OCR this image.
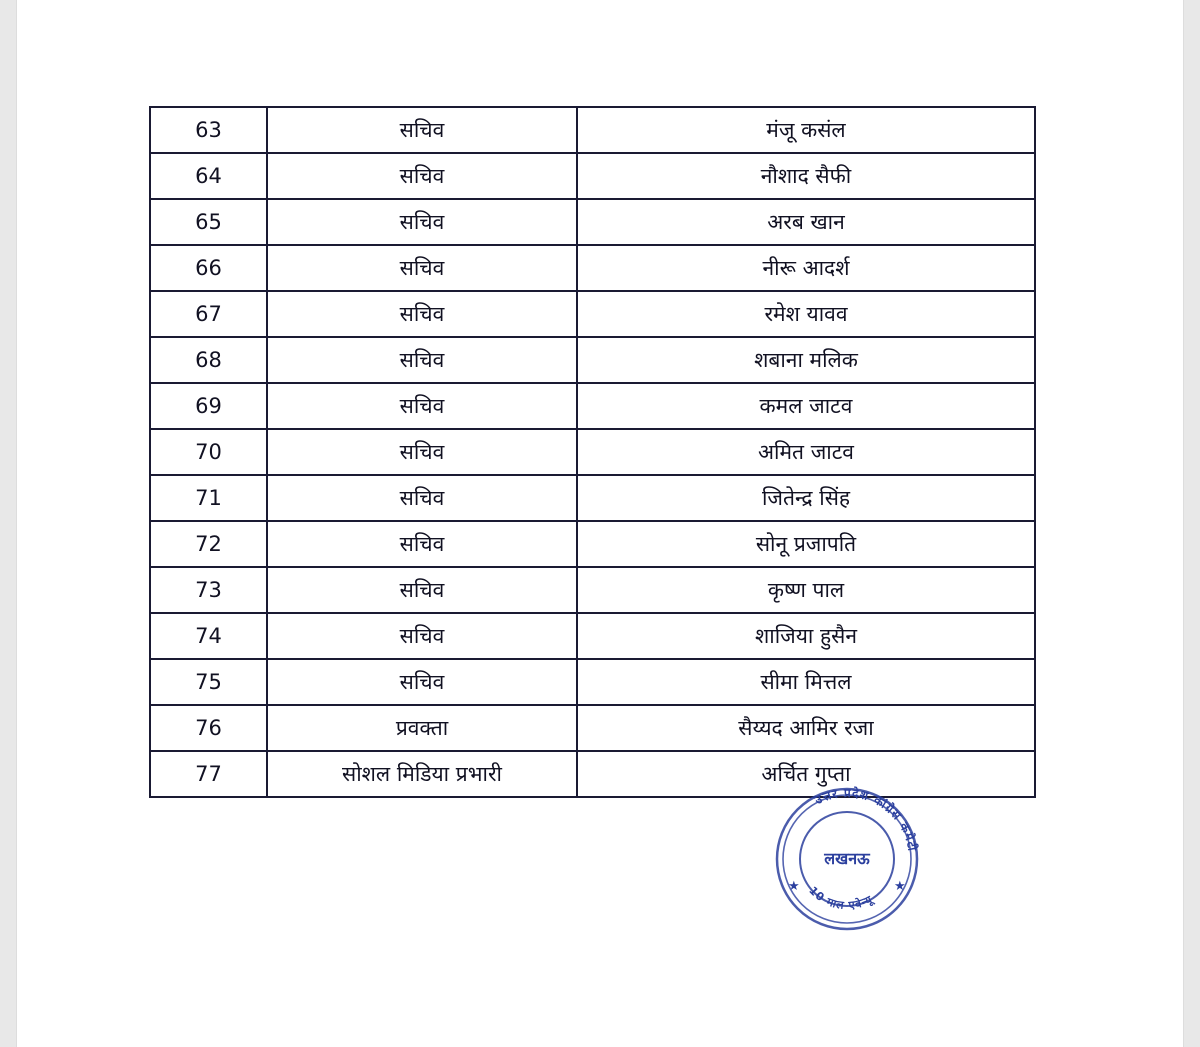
63	सचिव	मंजू कसंल
64	सचिव	नौशाद सैफी
65	सचिव	अरब खान
66	सचिव	नीरू आदर्श
67	सचिव	रमेश यावव
68	सचिव	शबाना मलिक
69	सचिव	कमल जाटव
70	सचिव	अमित जाटव
71	सचिव	जितेन्द्र सिंह
72	सचिव	सोनू प्रजापति
73	सचिव	कृष्ण पाल
74	सचिव	शाजिया हुसैन
75	सचिव	सीमा मित्तल
76	प्रवक्ता	सैय्यद आमिर रजा
77	सोशल मिडिया प्रभारी	अर्चित गुप्ता
उत्तर प्रदेश कांग्रेस कमेटी
10 माल एवेन्यू
लखनऊ
★	★
